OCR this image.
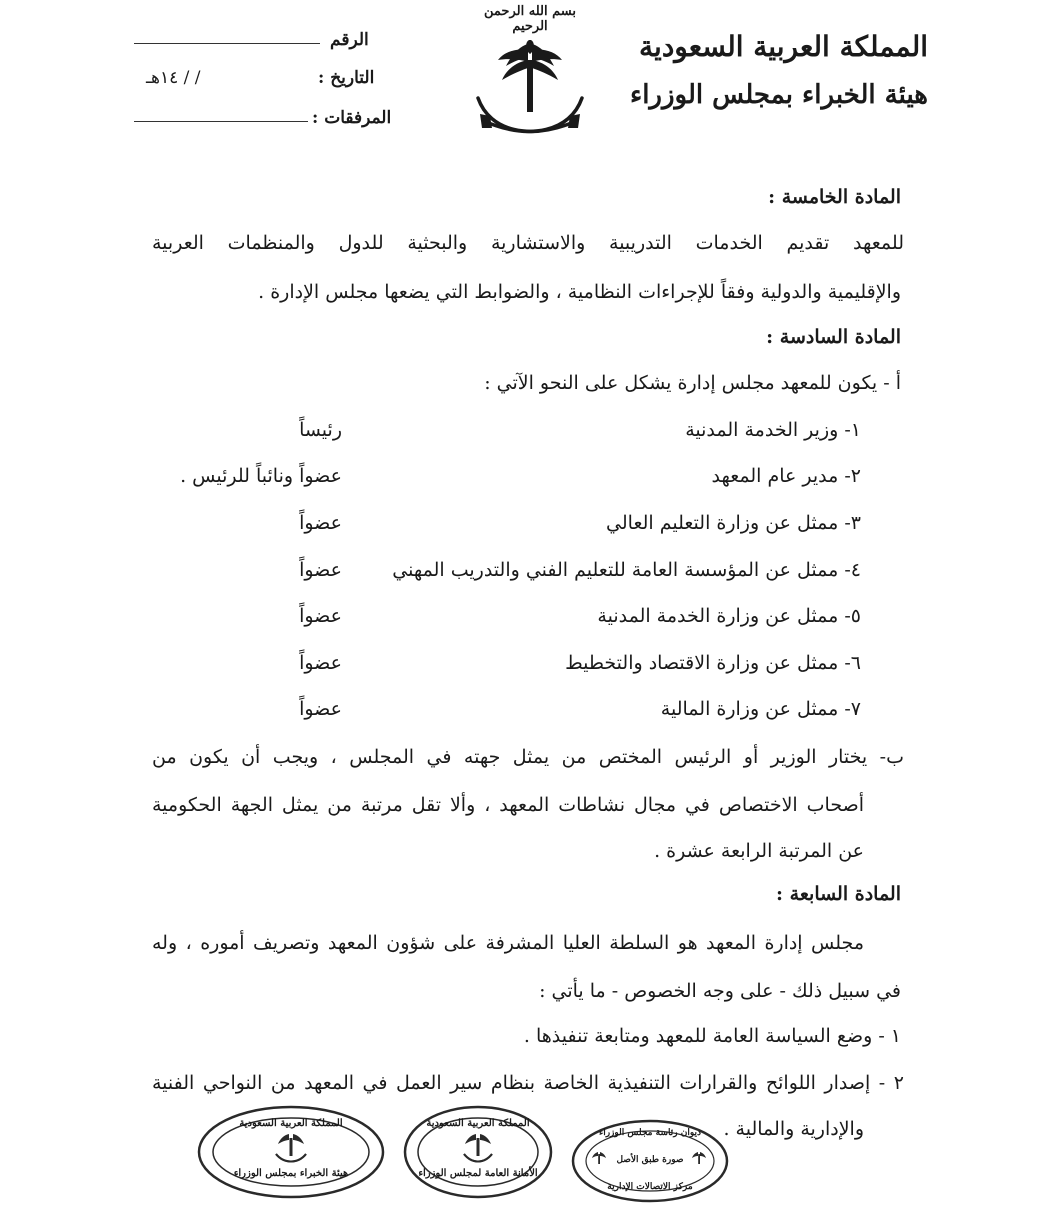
بسم الله الرحمن الرحيم
المملكة العربية السعودية
هيئة الخبراء بمجلس الوزراء
الرقم
التاريخ :
/ / ١٤هـ
المرفقات :
المادة الخامسة :
للمعهد تقديم الخدمات التدريبية والاستشارية والبحثية للدول والمنظمات العربية
والإقليمية والدولية وفقاً للإجراءات النظامية ، والضوابط التي يضعها مجلس الإدارة .
المادة السادسة :
أ - يكون للمعهد مجلس إدارة يشكل على النحو الآتي :
١- وزير الخدمة المدنية
رئيساً
٢- مدير عام المعهد
عضواً ونائباً للرئيس .
٣- ممثل عن وزارة التعليم العالي
عضواً
٤- ممثل عن المؤسسة العامة للتعليم الفني والتدريب المهني
عضواً
٥- ممثل عن وزارة الخدمة المدنية
عضواً
٦- ممثل عن وزارة الاقتصاد والتخطيط
عضواً
٧- ممثل عن وزارة المالية
عضواً
ب- يختار الوزير أو الرئيس المختص من يمثل جهته في المجلس ، ويجب أن يكون من
أصحاب الاختصاص في مجال نشاطات المعهد ، وألا تقل مرتبة من يمثل الجهة الحكومية
عن المرتبة الرابعة عشرة .
المادة السابعة :
مجلس إدارة المعهد هو السلطة العليا المشرفة على شؤون المعهد وتصريف أموره ، وله
في سبيل ذلك - على وجه الخصوص - ما يأتي :
١ - وضع السياسة العامة للمعهد ومتابعة تنفيذها .
٢ - إصدار اللوائح والقرارات التنفيذية الخاصة بنظام سير العمل في المعهد من النواحي الفنية
والإدارية والمالية .
المملكة العربية السعودية
هيئة الخبراء بمجلس الوزراء
المملكة العربية السعودية
الأمانة العامة لمجلس الوزراء
ديوان رئاسة مجلس الوزراء
صورة طبق الأصل
مركز الاتصالات الإدارية
